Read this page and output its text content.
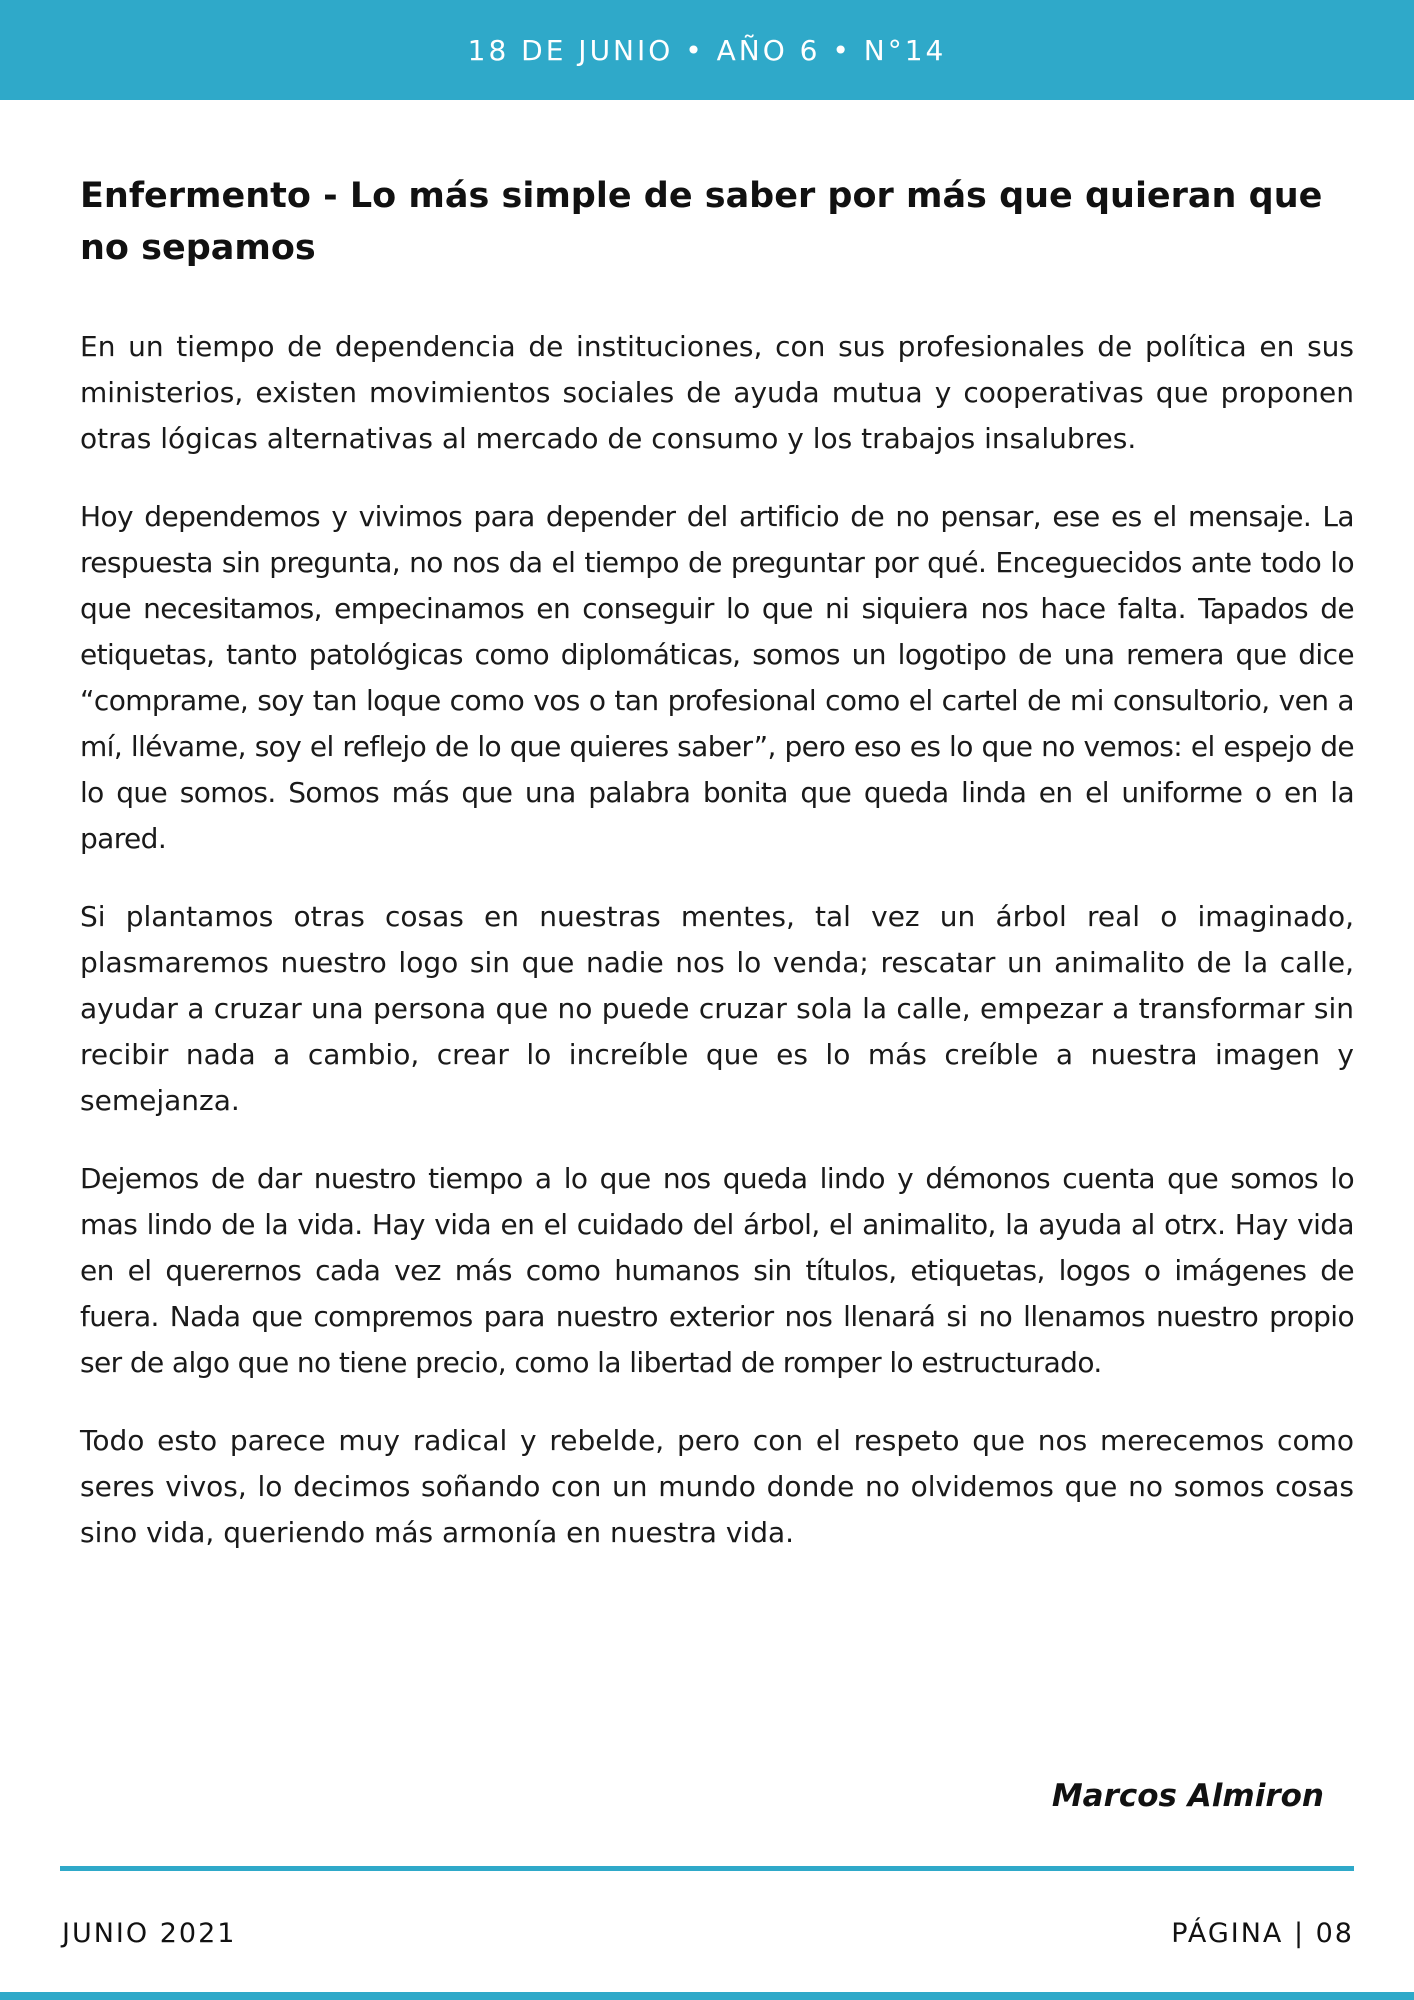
18 DE JUNIO • AÑO 6 • N°14
Enfermento - Lo más simple de saber por más que quieran que no sepamos

En un tiempo de dependencia de instituciones, con sus profesionales de política en sus ministerios, existen movimientos sociales de ayuda mutua y cooperativas que proponen otras lógicas alternativas al mercado de consumo y los trabajos insalubres.

Hoy dependemos y vivimos para depender del artificio de no pensar, ese es el mensaje. La respuesta sin pregunta, no nos da el tiempo de preguntar por qué. Enceguecidos ante todo lo que necesitamos, empecinamos en conseguir lo que ni siquiera nos hace falta. Tapados de etiquetas, tanto patológicas como diplomáticas, somos un logotipo de una remera que dice “comprame, soy tan loque como vos o tan profesional como el cartel de mi consultorio, ven a mí, llévame, soy el reflejo de lo que quieres saber”, pero eso es lo que no vemos: el espejo de lo que somos. Somos más que una palabra bonita que queda linda en el uniforme o en la pared.

Si plantamos otras cosas en nuestras mentes, tal vez un árbol real o imaginado, plasmaremos nuestro logo sin que nadie nos lo venda; rescatar un animalito de la calle, ayudar a cruzar una persona que no puede cruzar sola la calle, empezar a transformar sin recibir nada a cambio, crear lo increíble que es lo más creíble a nuestra imagen y semejanza.

Dejemos de dar nuestro tiempo a lo que nos queda lindo y démonos cuenta que somos lo mas lindo de la vida. Hay vida en el cuidado del árbol, el animalito, la ayuda al otrx. Hay vida en el querernos cada vez más como humanos sin títulos, etiquetas, logos o imágenes de fuera. Nada que compremos para nuestro exterior nos llenará si no llenamos nuestro propio ser de algo que no tiene precio, como la libertad de romper lo estructurado.

Todo esto parece muy radical y rebelde, pero con el respeto que nos merecemos como seres vivos, lo decimos soñando con un mundo donde no olvidemos que no somos cosas sino vida, queriendo más armonía en nuestra vida.

Marcos Almiron
JUNIO 2021	PÁGINA | 08
